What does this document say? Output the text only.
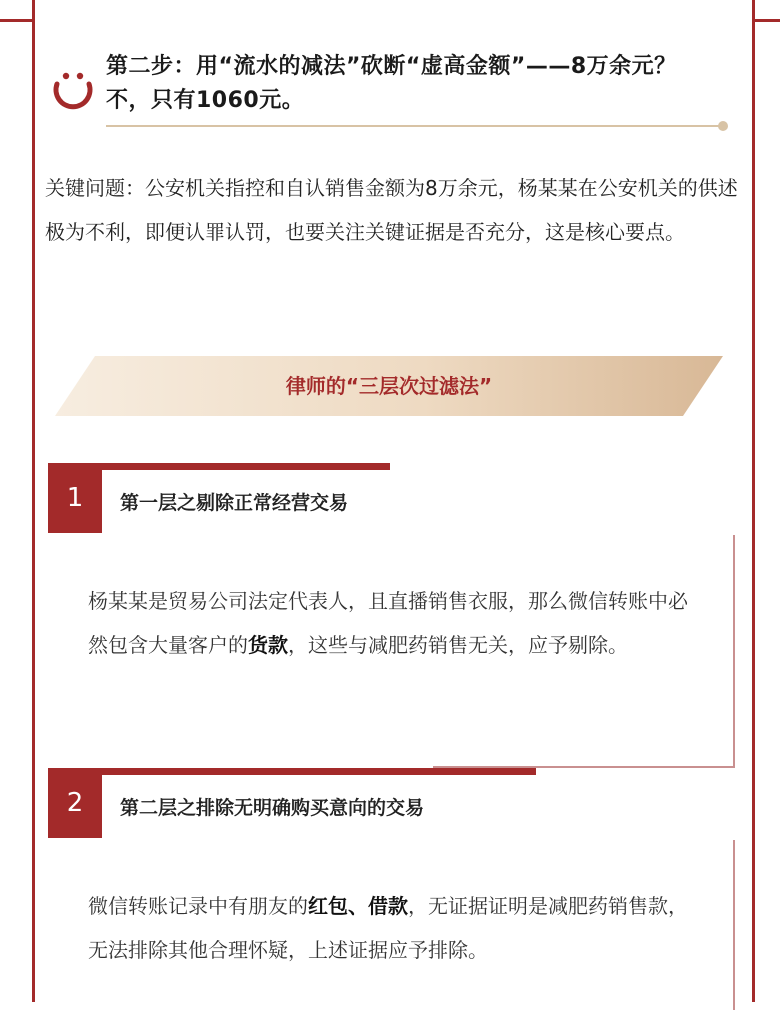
第二步：用“流水的减法”砍断“虚高金额”——8万余元？
不，只有1060元。
关键问题：公安机关指控和自认销售金额为8万余元，杨某某在公安机关的供述极为不利，即便认罪认罚，也要关注关键证据是否充分，这是核心要点。
律师的“三层次过滤法”
1	第一层之剔除正常经营交易
杨某某是贸易公司法定代表人，且直播销售衣服，那么微信转账中必然包含大量客户的货款，这些与减肥药销售无关，应予剔除。
2	第二层之排除无明确购买意向的交易
微信转账记录中有朋友的红包、借款，无证据证明是减肥药销售款，无法排除其他合理怀疑，上述证据应予排除。
